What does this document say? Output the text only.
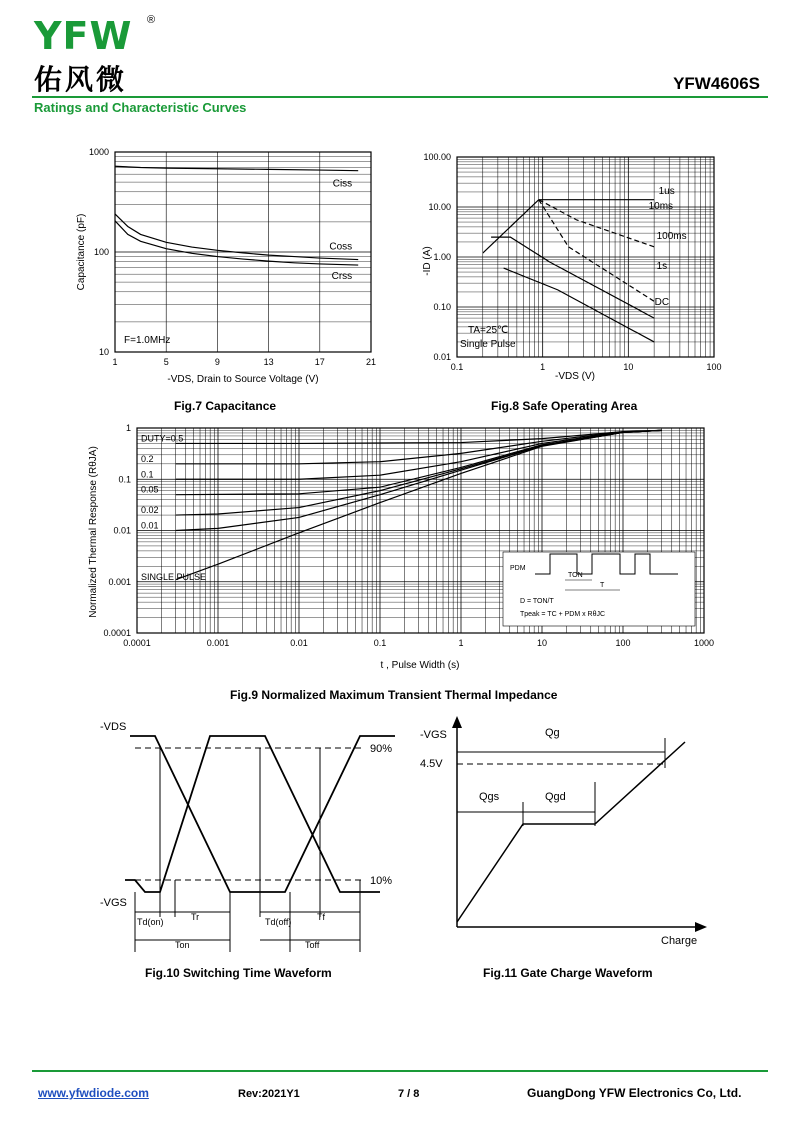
YFW ®
佑风微	YFW4606S
Ratings and Characteristic Curves
Ciss
Coss
Crss
1	5	9	13	17	21
10
100
1000
F=1.0MHz
Capacitance (pF)
-VDS, Drain to Source Voltage (V)
Fig.7 Capacitance
1us
10ms
100ms
1s
DC
0.1	1	10	100
0.01
0.10
1.00
10.00
100.00
TA=25℃
Single Pulse
-ID (A)
-VDS (V)
Fig.8 Safe Operating Area
DUTY=0.5
0.2
0.1
0.05
0.02
0.01
SINGLE PULSE
0.0001	0.001	0.01	0.1	1	10	100	1000
0.0001
0.001
0.01
0.1
1
Normalized Thermal Response (RθJA)
t , Pulse Width (s)
PDM
TON
T
D = TON/T
Tpeak = TC + PDM x RθJC
Fig.9 Normalized Maximum Transient Thermal Impedance
-VDS
-VGS
90%
10%
Td(on)	Tr	Td(off)	Tf
Ton	Toff
Fig.10 Switching Time Waveform
-VGS
4.5V
Qg
Qgs	Qgd
Charge
Fig.11 Gate Charge Waveform
www.yfwdiode.com	Rev:2021Y1	7 / 8	GuangDong YFW Electronics Co, Ltd.
